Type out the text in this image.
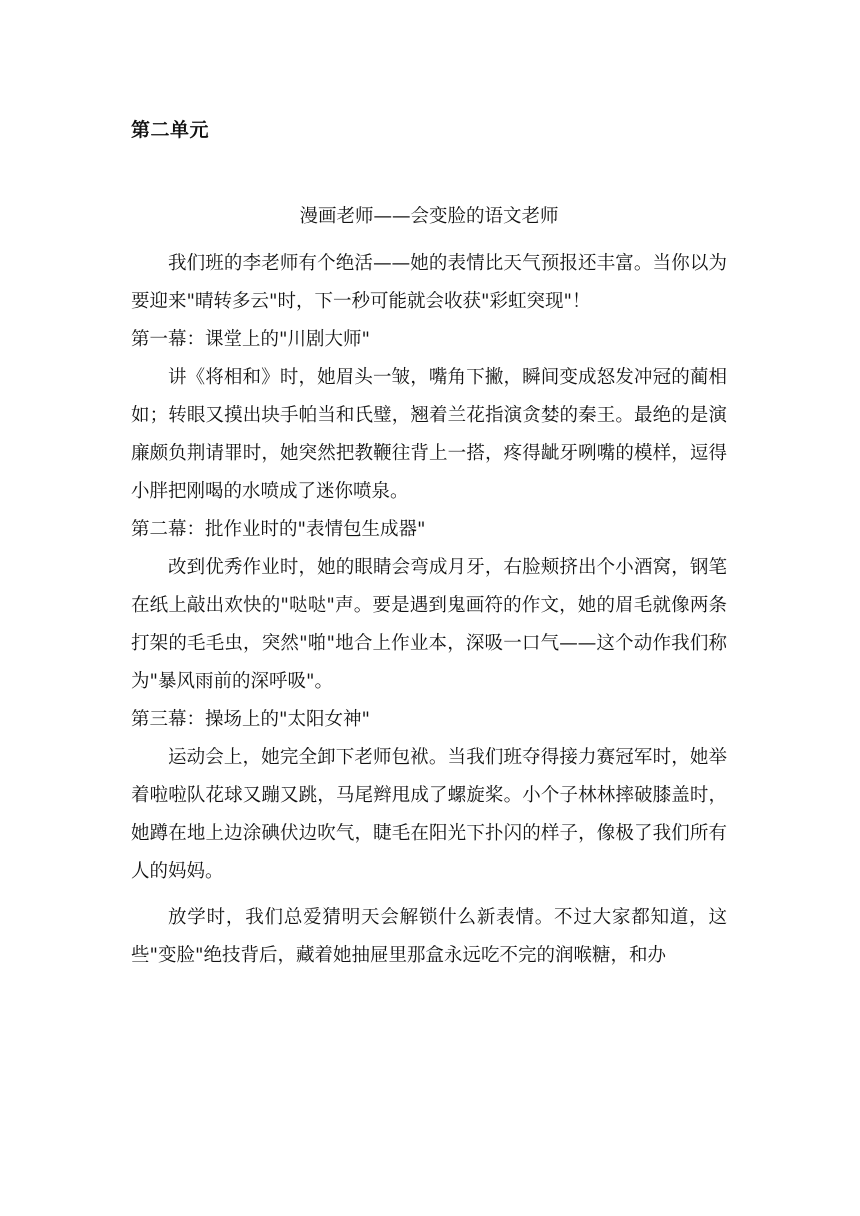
第二单元
漫画老师——会变脸的语文老师

我们班的李老师有个绝活——她的表情比天气预报还丰富。当你以为要迎来"晴转多云"时，下一秒可能就会收获"彩虹突现"！

第一幕：课堂上的"川剧大师"

讲《将相和》时，她眉头一皱，嘴角下撇，瞬间变成怒发冲冠的蔺相如；转眼又摸出块手帕当和氏璧，翘着兰花指演贪婪的秦王。最绝的是演廉颇负荆请罪时，她突然把教鞭往背上一搭，疼得龇牙咧嘴的模样，逗得小胖把刚喝的水喷成了迷你喷泉。

第二幕：批作业时的"表情包生成器"

改到优秀作业时，她的眼睛会弯成月牙，右脸颊挤出个小酒窝，钢笔在纸上敲出欢快的"哒哒"声。要是遇到鬼画符的作文，她的眉毛就像两条打架的毛毛虫，突然"啪"地合上作业本，深吸一口气——这个动作我们称为"暴风雨前的深呼吸"。

第三幕：操场上的"太阳女神"

运动会上，她完全卸下老师包袱。当我们班夺得接力赛冠军时，她举着啦啦队花球又蹦又跳，马尾辫甩成了螺旋桨。小个子林林摔破膝盖时，她蹲在地上边涂碘伏边吹气，睫毛在阳光下扑闪的样子，像极了我们所有人的妈妈。

放学时，我们总爱猜明天会解锁什么新表情。不过大家都知道，这些"变脸"绝技背后，藏着她抽屉里那盒永远吃不完的润喉糖，和办
